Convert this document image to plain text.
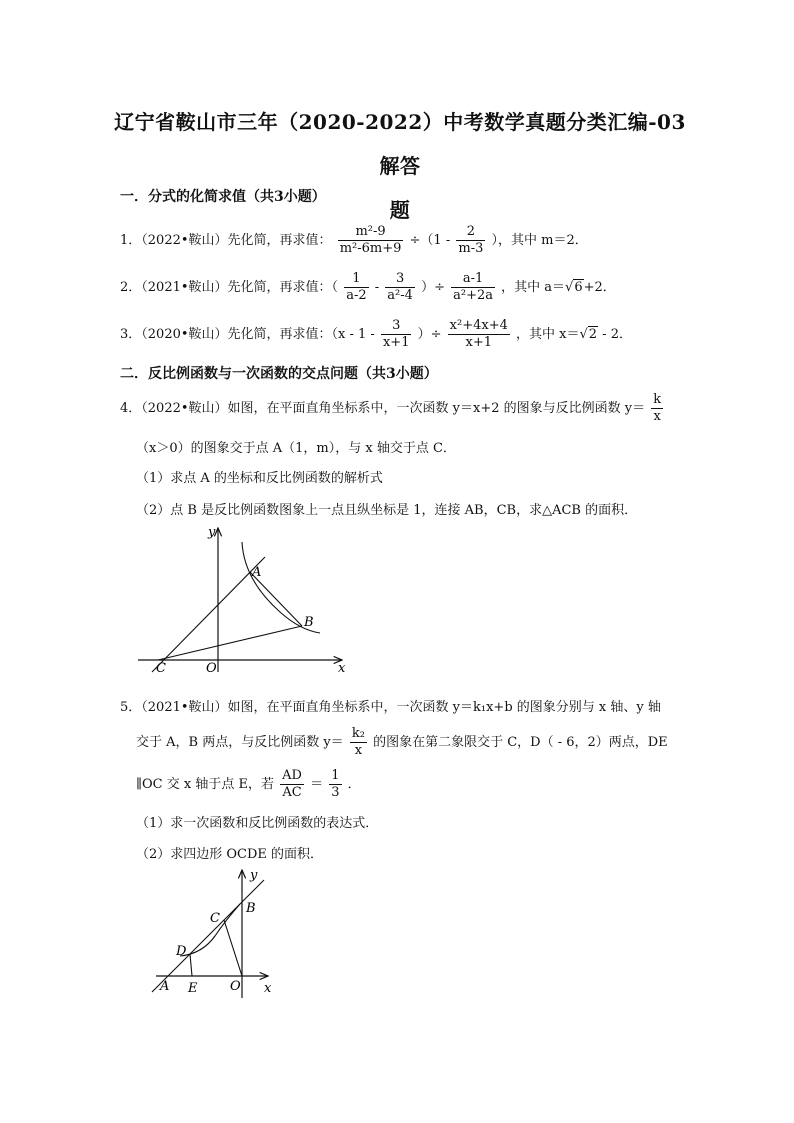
辽宁省鞍山市三年（2020-2022）中考数学真题分类汇编-03解答
题
一．分式的化简求值（共3小题）
1．（2022•鞍山）先化简，再求值： $\frac{\text{m²-9}}{\text{m²-6m+9}} \div(1 - \frac{2}{m-3}$ ），其中 m＝2．
2．（2021•鞍山）先化简，再求值：（ $\frac{1}{a-2} - \frac{3}{\text{a²-4}}$ ）÷ $\frac{a-1}{\text{a²+2a}}$ ，其中 a＝√6+2．
3．（2020•鞍山）先化简，再求值：（$x - 1 - \frac{3}{x+1}$ ）÷ $\frac{\text{x²+4x+4}}{x+1}$ ，其中 x＝√2 - 2．
二．反比例函数与一次函数的交点问题（共3小题）
4．（2022•鞍山）如图，在平面直角坐标系中，一次函数 y＝x+2 的图象与反比例函数 $y= \frac{k}{x}$
（x＞0）的图象交于点 A（1，m），与 x 轴交于点 C．
（1）求点 A 的坐标和反比例函数的解析式
（2）点 B 是反比例函数图象上一点且纵坐标是 1，连接 AB，CB，求△ACB 的面积．
y
x
A
B
C	O
5．（2021•鞍山）如图，在平面直角坐标系中，一次函数 y＝k₁x+b 的图象分别与 x 轴、y 轴
交于 A，B 两点，与反比例函数 $y= \frac{\text{k₂}}{x}$ 的图象在第二象限交于 C，D（ - 6，2）两点，DE
∥OC 交 x 轴于点 E，若 $\frac{AD}{AC} = \frac{1}{3}$ ．
（1）求一次函数和反比例函数的表达式．
（2）求四边形 OCDE 的面积．
y
x
A
B
C
D
E	O
